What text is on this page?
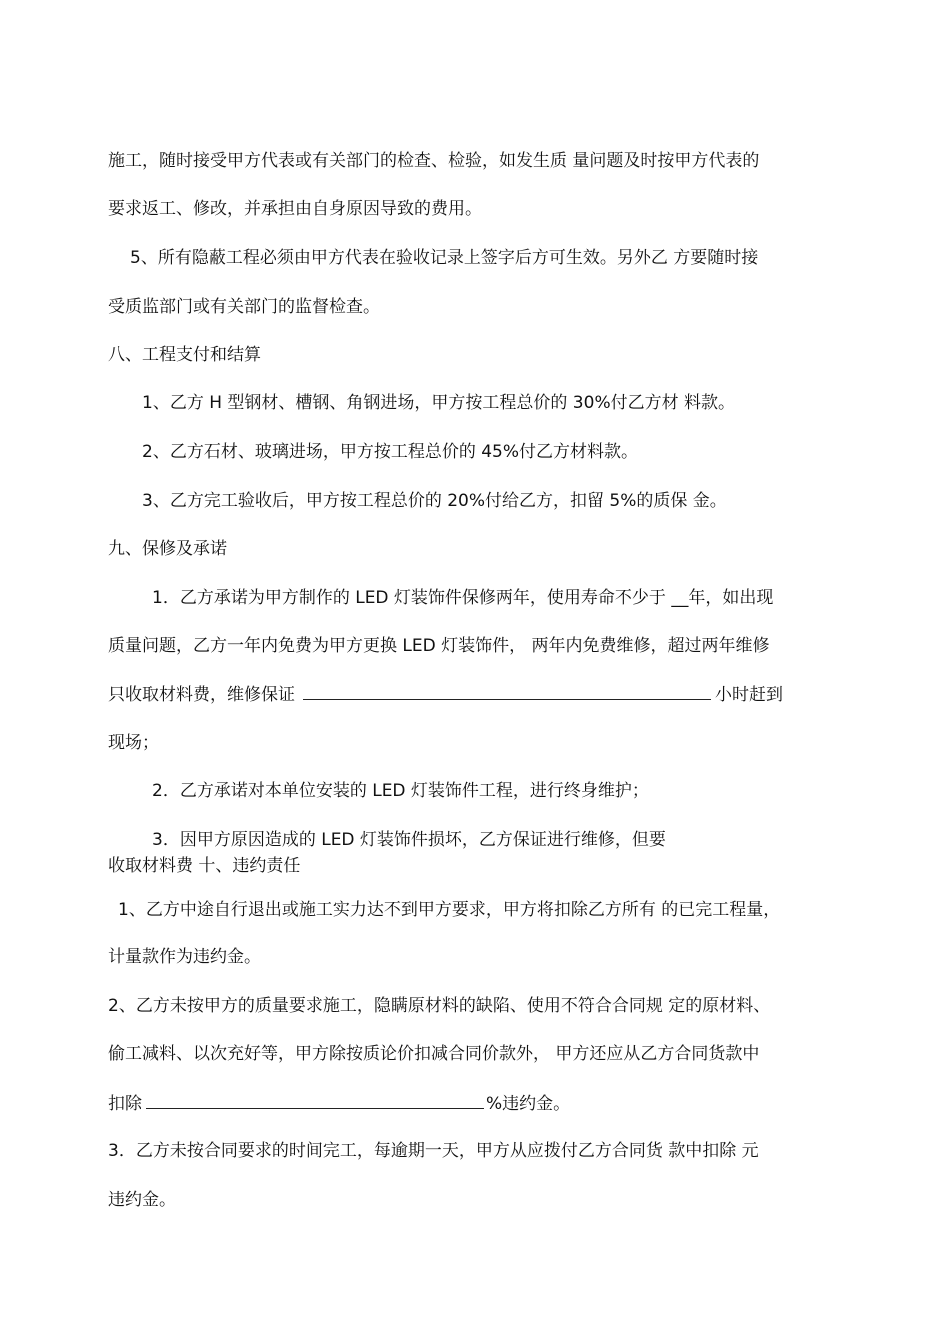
施工，随时接受甲方代表或有关部门的检查、检验，如发生质 量问题及时按甲方代表的
要求返工、修改，并承担由自身原因导致的费用。
5、所有隐蔽工程必须由甲方代表在验收记录上签字后方可生效。另外乙 方要随时接
受质监部门或有关部门的监督检查。
八、工程支付和结算
1、乙方 H 型钢材、槽钢、角钢进场，甲方按工程总价的 30%付乙方材 料款。
2、乙方石材、玻璃进场，甲方按工程总价的 45%付乙方材料款。
3、乙方完工验收后，甲方按工程总价的 20%付给乙方，扣留 5%的质保 金。
九、保修及承诺
1．乙方承诺为甲方制作的 LED 灯装饰件保修两年，使用寿命不少于 __年，如出现
质量问题，乙方一年内免费为甲方更换 LED 灯装饰件， 两年内免费维修，超过两年维修
只收取材料费，维修保证	小时赶到
现场；
2．乙方承诺对本单位安装的 LED 灯装饰件工程，进行终身维护；
3．因甲方原因造成的 LED 灯装饰件损坏，乙方保证进行维修，但要
收取材料费 十、违约责任
1、乙方中途自行退出或施工实力达不到甲方要求，甲方将扣除乙方所有 的已完工程量，
计量款作为违约金。
2、乙方未按甲方的质量要求施工，隐瞒原材料的缺陷、使用不符合合同规 定的原材料、
偷工减料、以次充好等，甲方除按质论价扣减合同价款外， 甲方还应从乙方合同货款中
扣除	%违约金。
3．乙方未按合同要求的时间完工，每逾期一天，甲方从应拨付乙方合同货 款中扣除 元
违约金。
